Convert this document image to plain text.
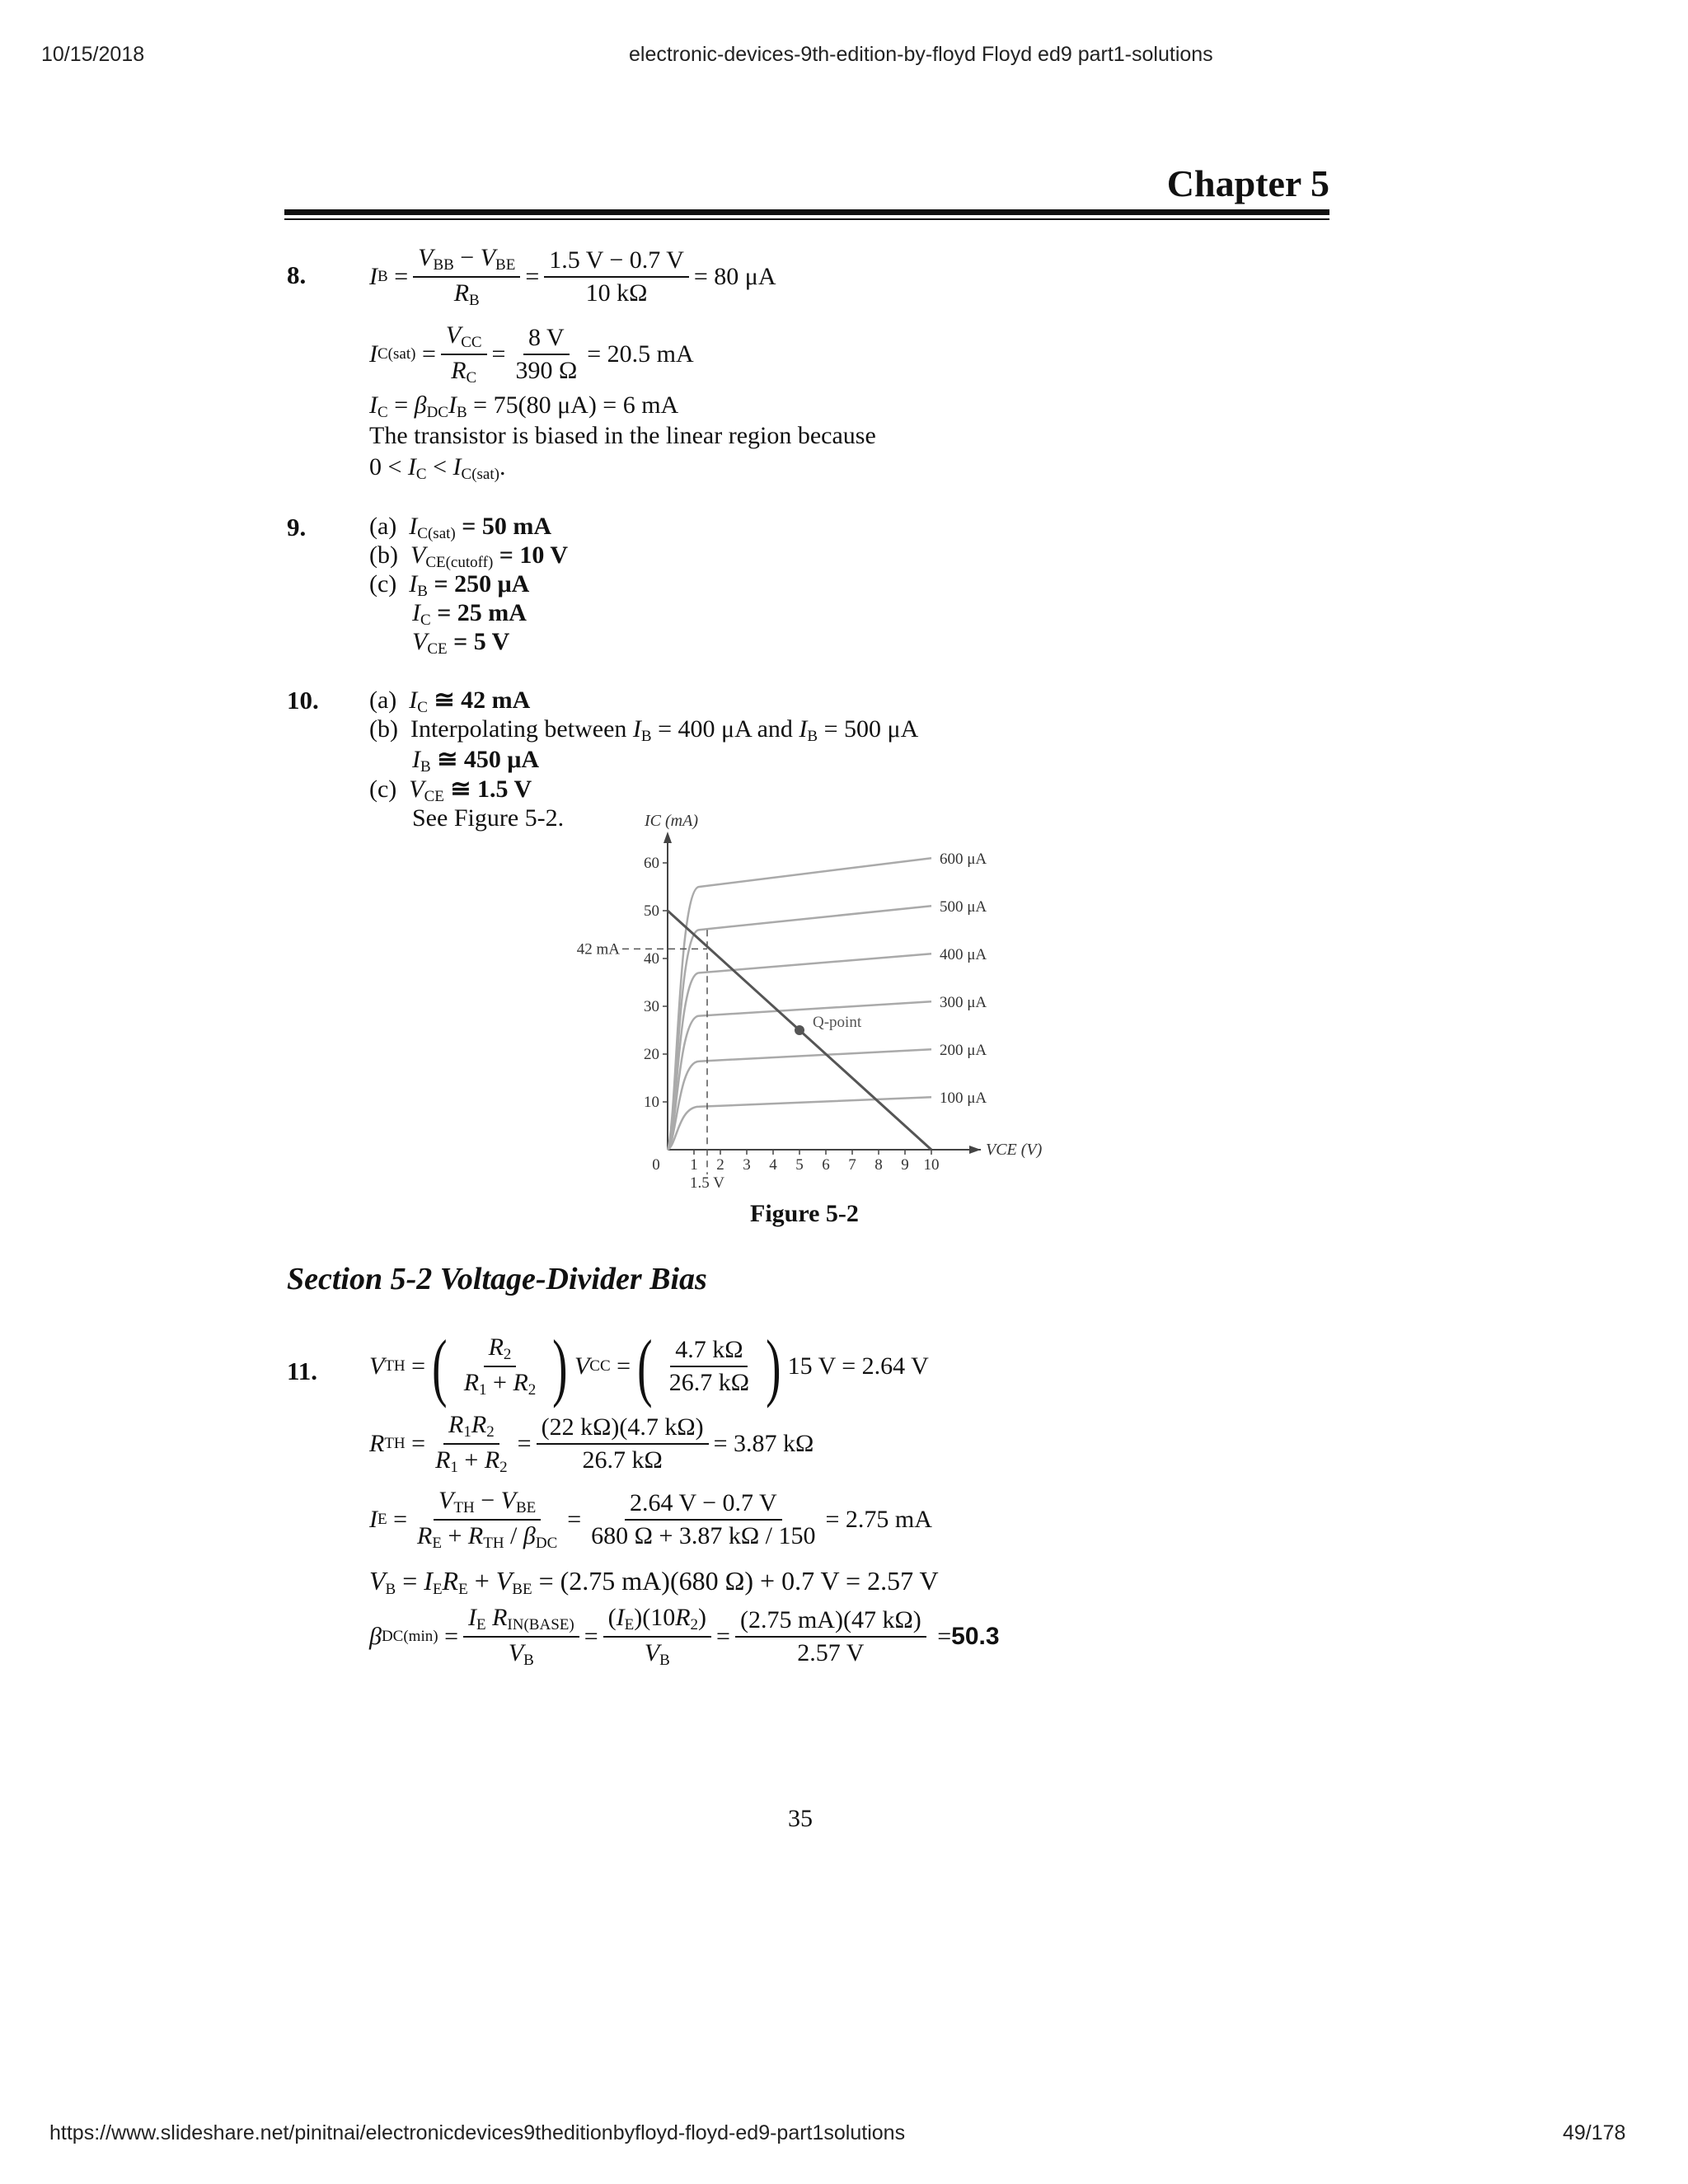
10/15/2018	electronic-devices-9th-edition-by-floyd Floyd ed9 part1-solutions
Chapter 5
8.	I $B = \frac{V_{BB} - V_{BE}}{R_B} = \frac{1.5 V - 0.7 V}{10 k\Omega} = 80$ μA
I $C(sat) = \frac{V_{CC}}{R_C} = \frac{8 V}{390 \Omega} = 20.5$ mA
$I_C = \beta_{DC}I_B = 75(80$ μA) = 6 mA
The transistor is biased in the linear region because
$0 < I_C < I_{C(sat)}$.
9.	(a)  $I_{C(sat)} = 50$ mA
(b)  $V_{CE(cutoff)} = 10$ V
(c)  $I_B = 250$ μA
$I_C = 25$ mA
$V_{CE} = 5$ V
10. (a)  $I_C$ ≅ 42 mA
(b)  Interpolating between $I_B = 400$ μA and $I_B = 500$ μA
$I_B$ ≅ 450 μA
(c)  $V_{CE}$ ≅ 1.5 V
See Figure 5-2.
0 1 2 3 4 5 6 7 8 9 10
10
20
30
40
50
60
IC (mA)
VCE (V)
600 μA
500 μA
400 μA
300 μA
200 μA
100 μA
Q-point
42 mA
1.5 V
Figure 5-2
Section 5-2 Voltage-Divider Bias
11. V TH = ( $\frac{R_2}{R_1 + R_2}$ ) V CC = ( $\frac{4.7 k\Omega}{26.7 k\Omega}$ ) 15 V = 2.64 V
R TH = $\frac{R_1R_2}{R_1 + R_2} = \frac{(22 k\Omega)(4.7 k\Omega)}{26.7 k\Omega} = 3.87$ kΩ
I $E = \frac{V_{TH} - V_{BE}}{R_E + R_{TH} / \beta_{DC}} = \frac{2.64 V - 0.7 V}{680 \Omega + 3.87 k\Omega / 150} = 2.75$ mA
$V_B = I_ER_E + V_{BE} = (2.75$ mA)(680 Ω) + 0.7 V = 2.57 V
β $DC(\min) = \frac{I_E R_{IN(BASE)}}{V_B} = \frac{(I_E)(10R_2)}{V_B} = \frac{(2.75 mA)(47 k\Omega)}{2.57 V} = 50.3$
35
https://www.slideshare.net/pinitnai/electronicdevices9theditionbyfloyd-floyd-ed9-part1solutions	49/178
